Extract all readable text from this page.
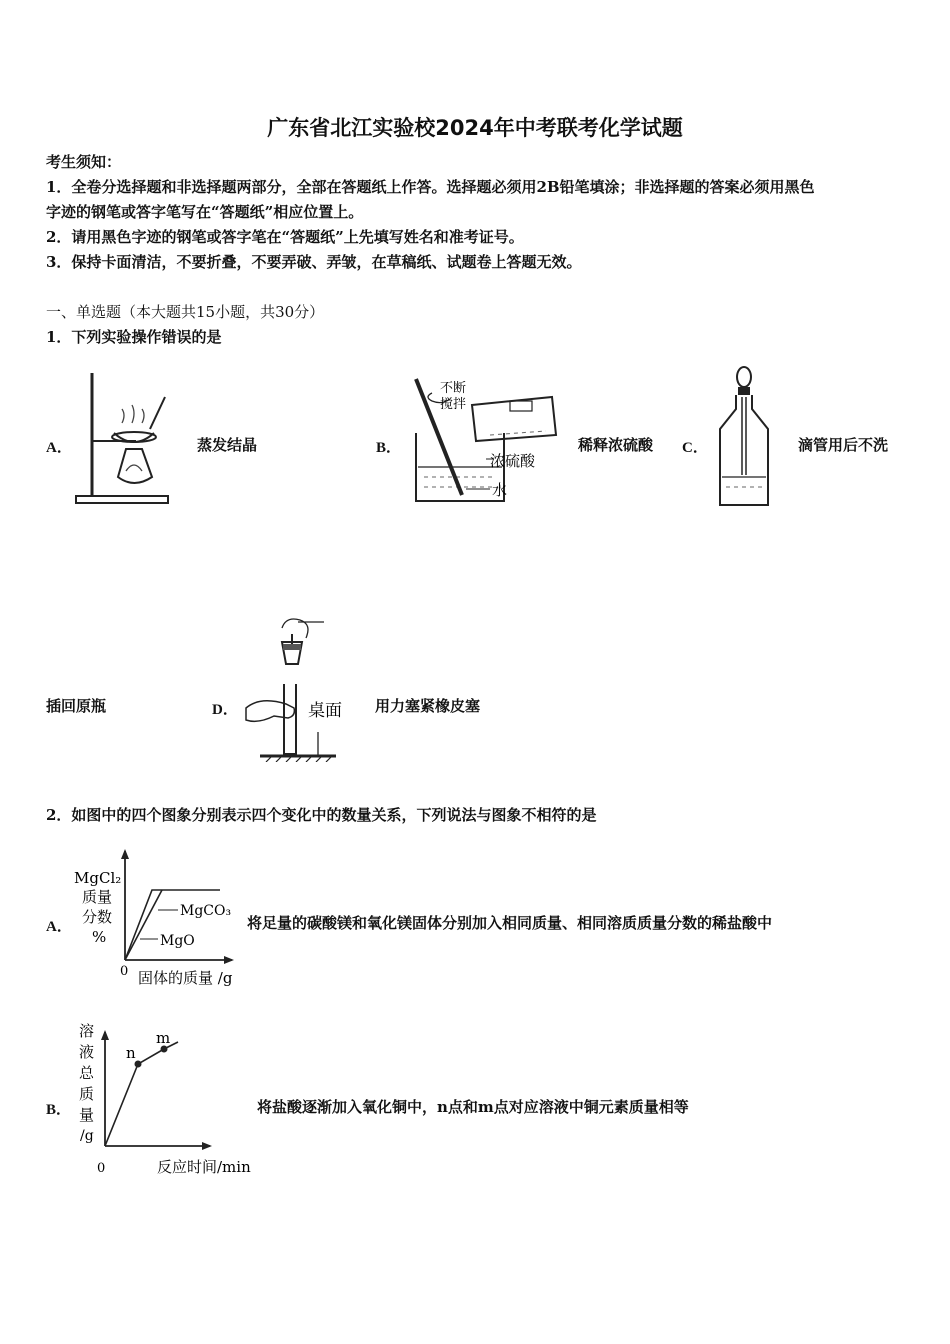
广东省北江实验校2024年中考联考化学试题
考生须知：
1．全卷分选择题和非选择题两部分，全部在答题纸上作答。选择题必须用2B铅笔填涂；非选择题的答案必须用黑色
字迹的钢笔或答字笔写在“答题纸”相应位置上。
2．请用黑色字迹的钢笔或答字笔在“答题纸”上先填写姓名和准考证号。
3．保持卡面清洁，不要折叠，不要弄破、弄皱，在草稿纸、试题卷上答题无效。
一、单选题（本大题共15小题，共30分）
1．下列实验操作错误的是
A．	蒸发结晶	B．
不断
搅拌
浓硫酸
水
稀释浓硫酸 C．	滴管用后不洗
插回原瓶	D．	桌面 用力塞紧橡皮塞
2．如图中的四个图象分别表示四个变化中的数量关系，下列说法与图象不相符的是
A．
MgCl₂
质量
分数
%
0 固体的质量 /g
MgCO₃
MgO
将足量的碳酸镁和氧化镁固体分别加入相同质量、相同溶质质量分数的稀盐酸中
B．
n
m
溶
液
总
质
量
/g
0	反应时间/min
将盐酸逐渐加入氧化铜中，n点和m点对应溶液中铜元素质量相等
